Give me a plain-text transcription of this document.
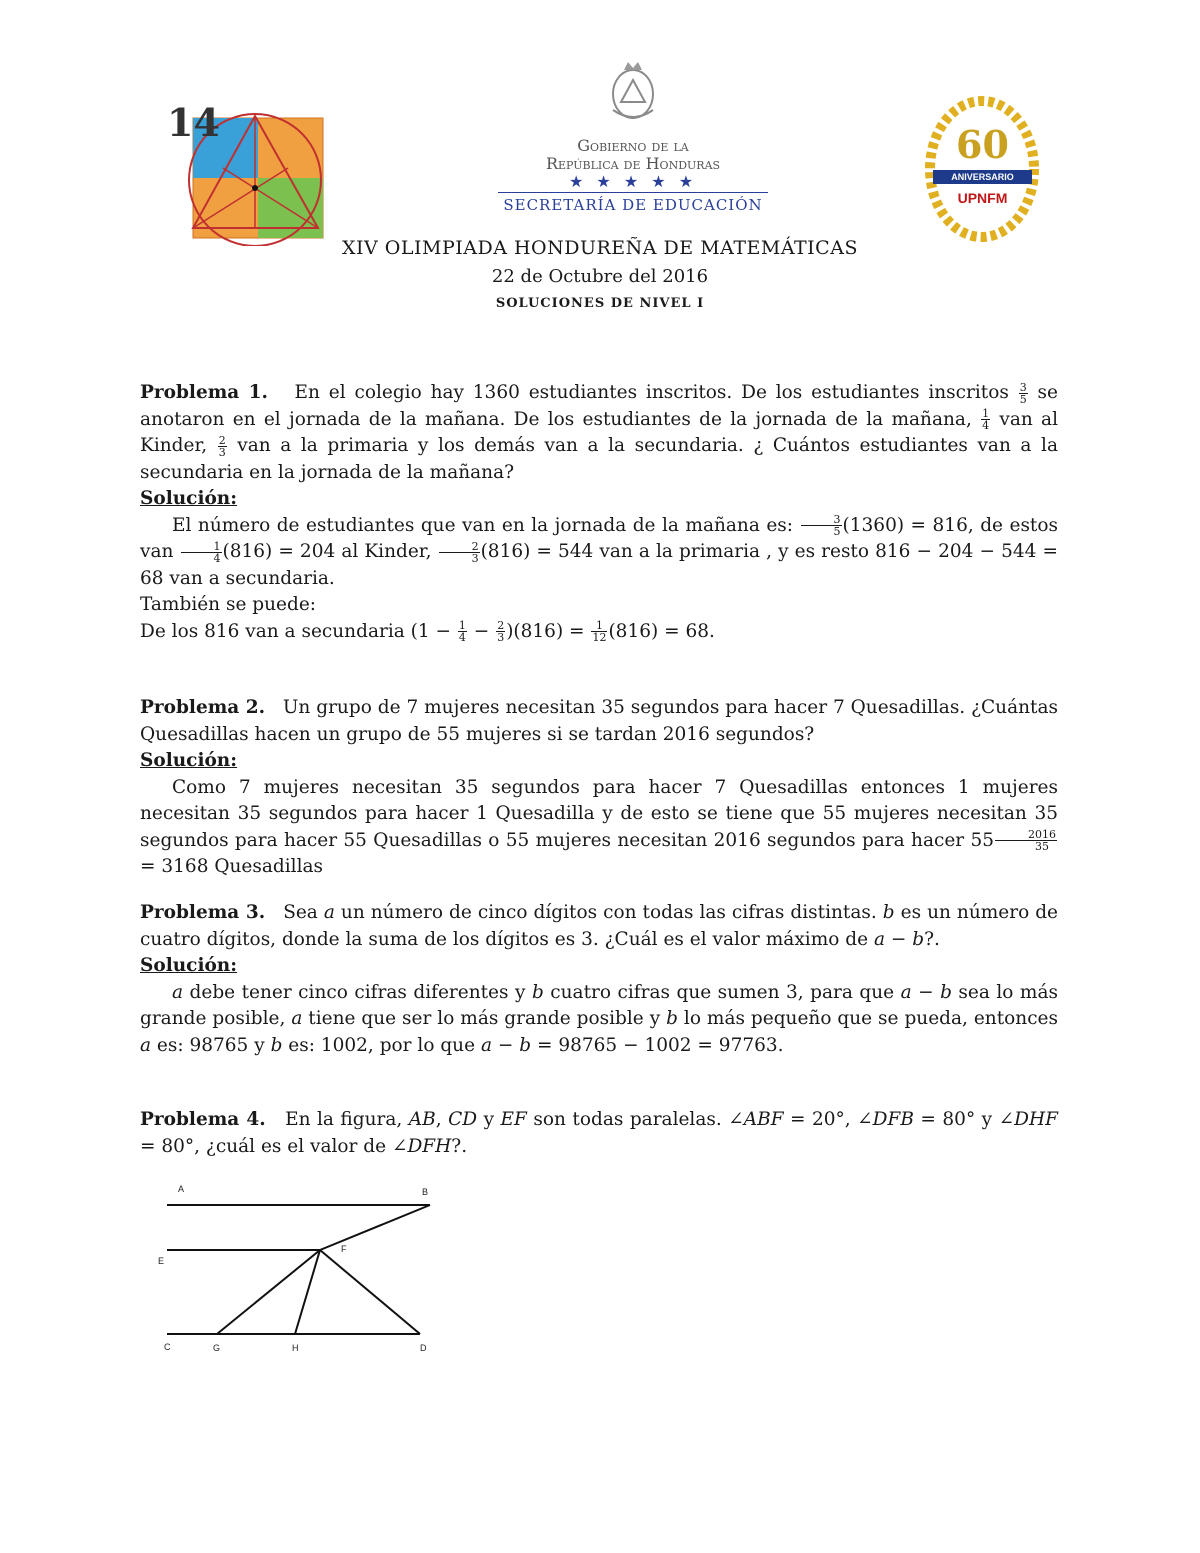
14
Gobierno de la
República de Honduras
★ ★ ★ ★ ★
SECRETARÍA DE EDUCACIÓN
60
ANIVERSARIO
UPNFM
XIV OLIMPIADA HONDUREÑA DE MATEMÁTICAS
22 de Octubre del 2016
SOLUCIONES DE NIVEL I

Problema 1. En el colegio hay 1360 estudiantes inscritos. De los estudiantes inscritos $\frac{3}{5}$ se anotaron en el jornada de la mañana. De los estudiantes de la jornada de la mañana, $\frac{1}{4}$ van al Kinder, $\frac{2}{3}$ van a la primaria y los demás van a la secundaria. ¿ Cuántos estudiantes van a la secundaria en la jornada de la mañana?

Solución:

El número de estudiantes que van en la jornada de la mañana es: $\frac{3}{5} (1360) = 816$, de estos van $\frac{1}{4} (816) = 204$ al Kinder, $\frac{2}{3} (816) = 544$ van a la primaria , y es resto 816 − 204 − 544 = 68 van a secundaria.

También se puede:

De los 816 van a secundaria $(1 - \frac{1}{4} - \frac{2}{3} )(816) = \frac{1}{12} (816) = 68$.

Problema 2. Un grupo de 7 mujeres necesitan 35 segundos para hacer 7 Quesadillas. ¿Cuántas Quesadillas hacen un grupo de 55 mujeres si se tardan 2016 segundos?

Solución:

Como 7 mujeres necesitan 35 segundos para hacer 7 Quesadillas entonces 1 mujeres necesitan 35 segundos para hacer 1 Quesadilla y de esto se tiene que 55 mujeres necesitan 35 segundos para hacer 55 Quesadillas o 55 mujeres necesitan 2016 segundos para hacer $55 \frac{2016}{35}$
= 3168 Quesadillas

Problema 3. Sea a un número de cinco dígitos con todas las cifras distintas. b es un número de cuatro dígitos, donde la suma de los dígitos es 3. ¿Cuál es el valor máximo de a − b?.

Solución:

a debe tener cinco cifras diferentes y b cuatro cifras que sumen 3, para que a − b sea lo más grande posible, a tiene que ser lo más grande posible y b lo más pequeño que se pueda, entonces a es: 98765 y b es: 1002, por lo que a − b = 98765 − 1002 = 97763.

Problema 4. En la figura, AB, CD y EF son todas paralelas. ∠ABF = 20°, ∠DFB = 80° y ∠DHF = 80°, ¿cuál es el valor de ∠DFH?.

A	B
E
F
C	G	H	D
